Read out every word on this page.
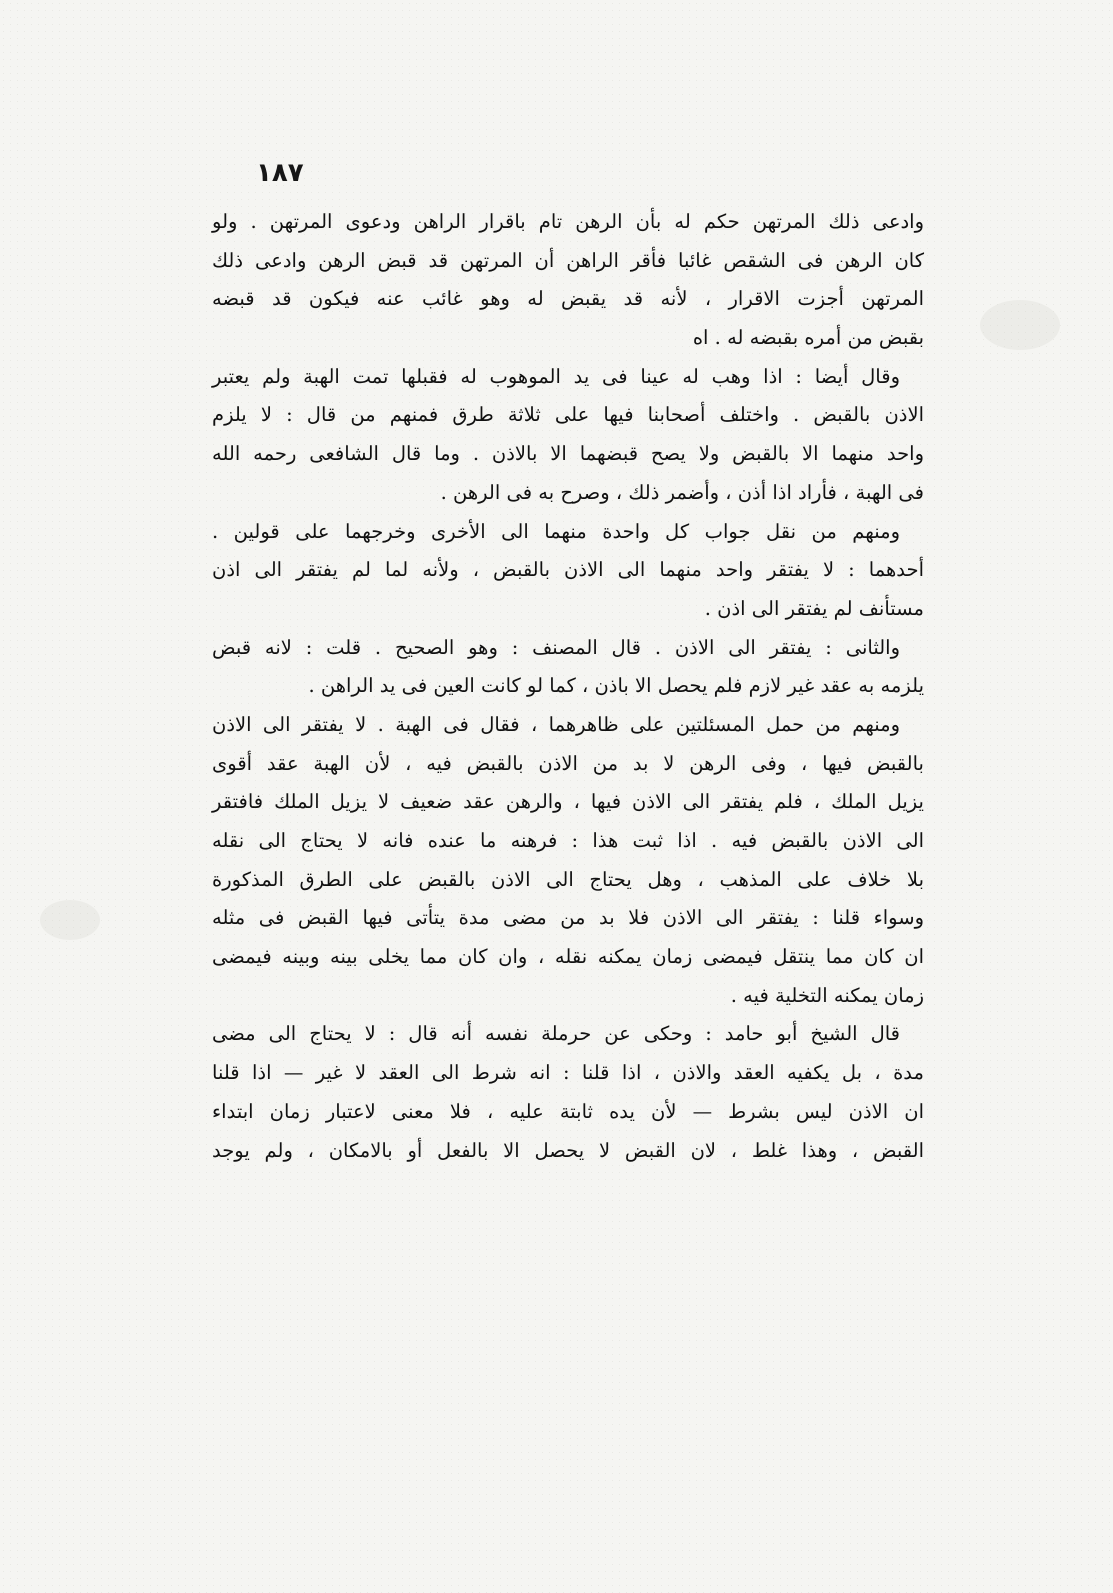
١٨٧
وادعى ذلك المرتهن حكم له بأن الرهن تام باقرار الراهن ودعوى المرتهن . ولو
كان الرهن فى الشقص غائبا فأقر الراهن أن المرتهن قد قبض الرهن وادعى ذلك
المرتهن أجزت الاقرار ، لأنه قد يقبض له وهو غائب عنه فيكون قد قبضه
بقبض من أمره بقبضه له . اه
وقال أيضا : اذا وهب له عينا فى يد الموهوب له فقبلها تمت الهبة ولم يعتبر
الاذن بالقبض . واختلف أصحابنا فيها على ثلاثة طرق فمنهم من قال : لا يلزم
واحد منهما الا بالقبض ولا يصح قبضهما الا بالاذن . وما قال الشافعى رحمه الله
فى الهبة ، فأراد اذا أذن ، وأضمر ذلك ، وصرح به فى الرهن .
ومنهم من نقل جواب كل واحدة منهما الى الأخرى وخرجهما على قولين .
أحدهما : لا يفتقر واحد منهما الى الاذن بالقبض ، ولأنه لما لم يفتقر الى اذن
مستأنف لم يفتقر الى اذن .
والثانى : يفتقر الى الاذن . قال المصنف : وهو الصحيح . قلت : لانه قبض
يلزمه به عقد غير لازم فلم يحصل الا باذن ، كما لو كانت العين فى يد الراهن .
ومنهم من حمل المسئلتين على ظاهرهما ، فقال فى الهبة . لا يفتقر الى الاذن
بالقبض فيها ، وفى الرهن لا بد من الاذن بالقبض فيه ، لأن الهبة عقد أقوى
يزيل الملك ، فلم يفتقر الى الاذن فيها ، والرهن عقد ضعيف لا يزيل الملك فافتقر
الى الاذن بالقبض فيه . اذا ثبت هذا : فرهنه ما عنده فانه لا يحتاج الى نقله
بلا خلاف على المذهب ، وهل يحتاج الى الاذن بالقبض على الطرق المذكورة
وسواء قلنا : يفتقر الى الاذن فلا بد من مضى مدة يتأتى فيها القبض فى مثله
ان كان مما ينتقل فيمضى زمان يمكنه نقله ، وان كان مما يخلى بينه وبينه فيمضى
زمان يمكنه التخلية فيه .
قال الشيخ أبو حامد : وحكى عن حرملة نفسه أنه قال : لا يحتاج الى مضى
مدة ، بل يكفيه العقد والاذن ، اذا قلنا : انه شرط الى العقد لا غير — اذا قلنا
ان الاذن ليس بشرط — لأن يده ثابتة عليه ، فلا معنى لاعتبار زمان ابتداء
القبض ، وهذا غلط ، لان القبض لا يحصل الا بالفعل أو بالامكان ، ولم يوجد
